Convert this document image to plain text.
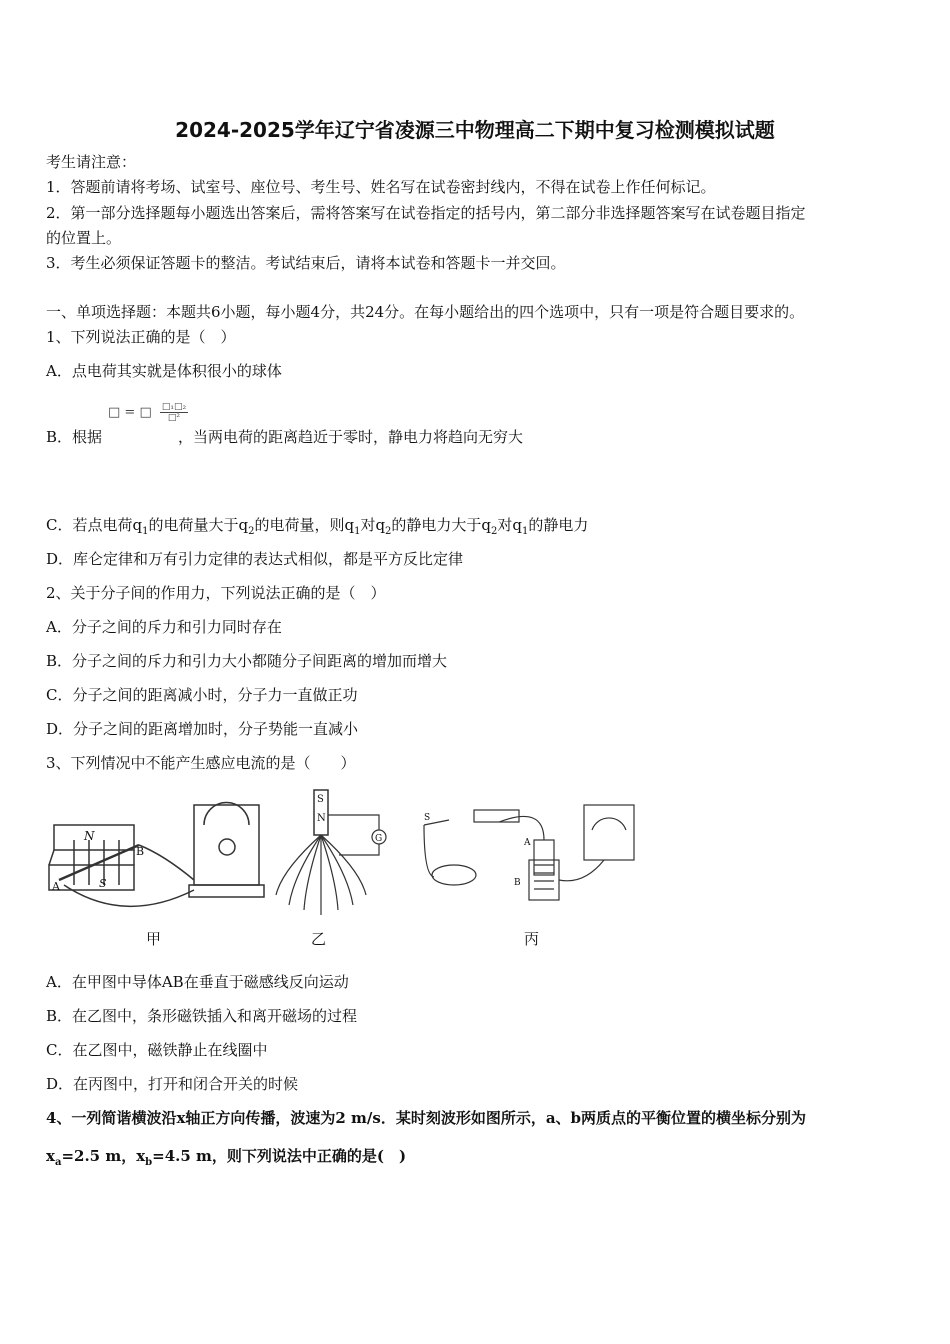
2024-2025学年辽宁省凌源三中物理高二下期中复习检测模拟试题
考生请注意：
1．答题前请将考场、试室号、座位号、考生号、姓名写在试卷密封线内，不得在试卷上作任何标记。
2．第一部分选择题每小题选出答案后，需将答案写在试卷指定的括号内，第二部分非选择题答案写在试卷题目指定
的位置上。
3．考生必须保证答题卡的整洁。考试结束后，请将本试卷和答题卡一并交回。
一、单项选择题：本题共6小题，每小题4分，共24分。在每小题给出的四个选项中，只有一项是符合题目要求的。
1、下列说法正确的是（　）
A．点电荷其实就是体积很小的球体
□ = □ $\frac{\text{□₁□₂}}{\text{□²}}$
B．根据	，当两电荷的距离趋近于零时，静电力将趋向无穷大
C．若点电荷$q_1$的电荷量大于$q_2$的电荷量，则$q_1$对$q_2$的静电力大于$q_2$对$q_1$的静电力
D．库仑定律和万有引力定律的表达式相似，都是平方反比定律
2、关于分子间的作用力，下列说法正确的是（　）
A．分子之间的斥力和引力同时存在
B．分子之间的斥力和引力大小都随分子间距离的增加而增大
C．分子之间的距离减小时，分子力一直做正功
D．分子之间的距离增加时，分子势能一直减小
3、下列情况中不能产生感应电流的是（　　）
N
S
A
B
S
N
G
S
A
B
甲	乙	丙
A．在甲图中导体AB在垂直于磁感线反向运动
B．在乙图中，条形磁铁插入和离开磁场的过程
C．在乙图中，磁铁静止在线圈中
D．在丙图中，打开和闭合开关的时候
4、一列简谐横波沿x轴正方向传播，波速为2 m/s．某时刻波形如图所示，a、b两质点的平衡位置的横坐标分别为
$x_a=2.5$ m，$x_b=4.5$ m，则下列说法中正确的是(　)
